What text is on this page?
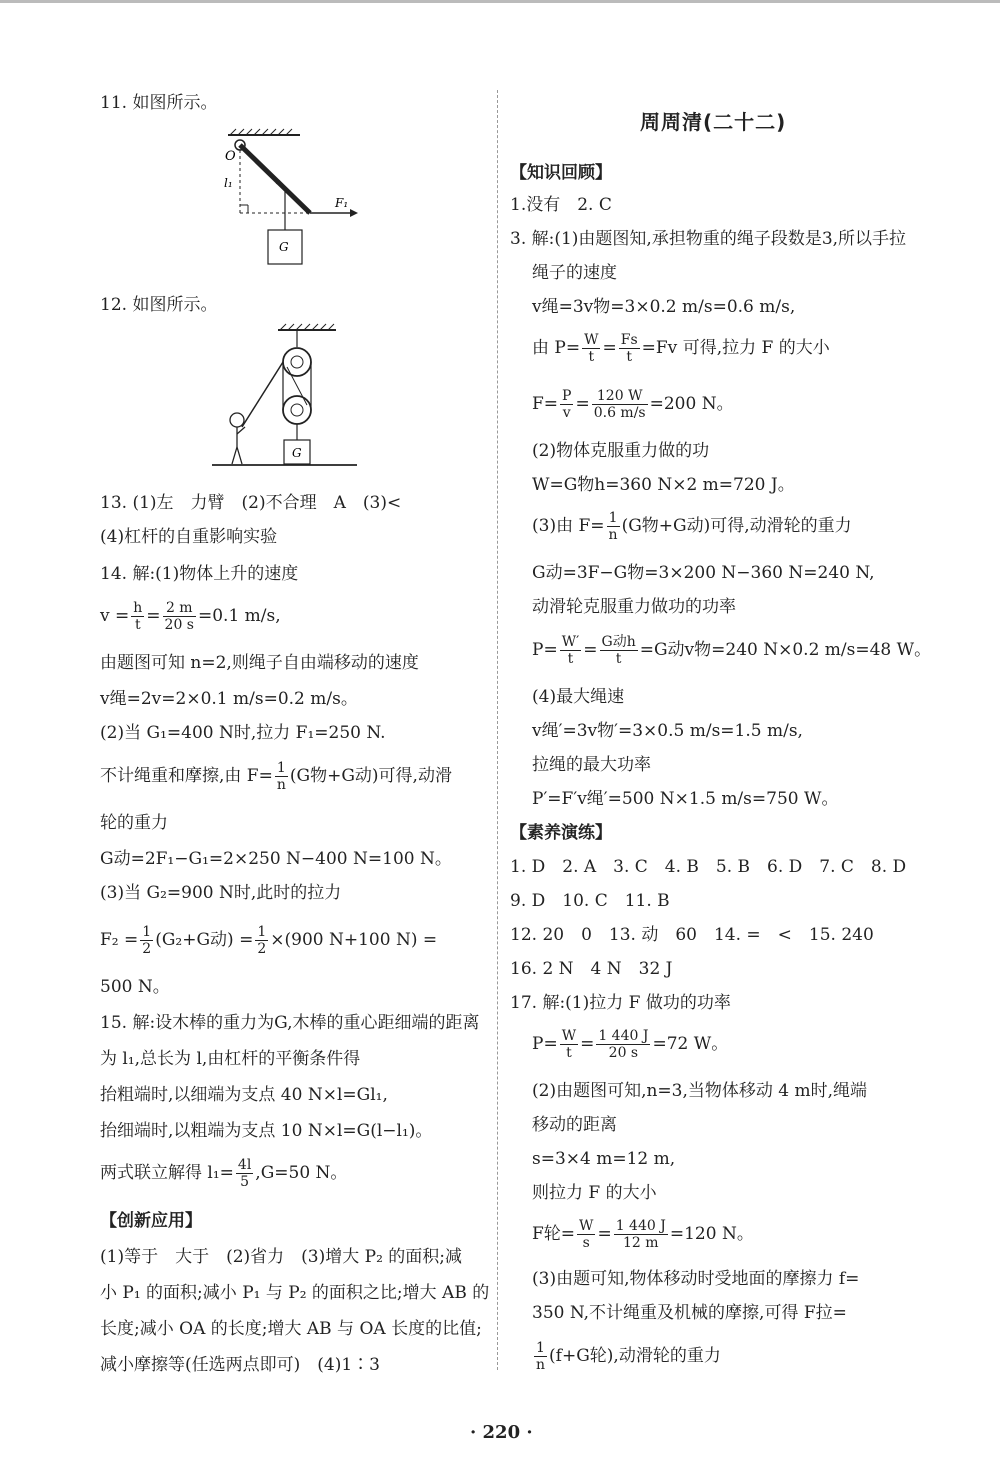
11. 如图所示。
O
l₁
F₁
G
12. 如图所示。
G
13. (1)左　力臂　(2)不合理　A　(3)<
(4)杠杆的自重影响实验
14. 解:(1)物体上升的速度
$v = \frac{h}{t} = \frac{2 m}{20 s} =0.1$ m/s,
由题图可知 n=2,则绳子自由端移动的速度
v绳=2v=2×0.1 m/s=0.2 m/s。
(2)当 G₁=400 N时,拉力 F₁=250 N.
不计绳重和摩擦,由 $F= \frac{1}{n} (G$物+G动)可得,动滑
轮的重力
G动=2F₁−G₁=2×250 N−400 N=100 N。
(3)当 G₂=900 N时,此时的拉力
$F_2 = \frac{1}{2} (G_2+G$动) = $\frac{1}{2} \times(900$ N+100 N) =
500 N。
15. 解:设木棒的重力为G,木棒的重心距细端的距离
为 l₁,总长为 l,由杠杆的平衡条件得
抬粗端时,以细端为支点 40 N×l=Gl₁,
抬细端时,以粗端为支点 10 N×l=G(l−l₁)。
两式联立解得 $l_1= \frac{4l}{5} ,G=50$ N。
【创新应用】
(1)等于　大于　(2)省力　(3)增大 P₂ 的面积;减
小 P₁ 的面积;减小 P₁ 与 P₂ 的面积之比;增大 AB 的
长度;减小 OA 的长度;增大 AB 与 OA 长度的比值;
减小摩擦等(任选两点即可)　(4)1∶3
周周清(二十二)
【知识回顾】
1.没有　2. C
3. 解:(1)由题图知,承担物重的绳子段数是3,所以手拉
绳子的速度
v绳=3v物=3×0.2 m/s=0.6 m/s,
由 $P= \frac{W}{t} = \frac{Fs}{t} =Fv$ 可得,拉力 F 的大小
$F= \frac{P}{v} = \frac{120 W}{0.6 m/s} =200$ N。
(2)物体克服重力做的功
W=G物h=360 N×2 m=720 J。
(3)由 $F= \frac{1}{n} (G$物+G动)可得,动滑轮的重力
G动=3F−G物=3×200 N−360 N=240 N,
动滑轮克服重力做功的功率
$P= \frac{W'}{t} = \frac{\text{G动h}}{t} =G$动v物=240 N×0.2 m/s=48 W。
(4)最大绳速
v绳′=3v物′=3×0.5 m/s=1.5 m/s,
拉绳的最大功率
P′=F′v绳′=500 N×1.5 m/s=750 W。
【素养演练】
1. D　2. A　3. C　4. B　5. B　6. D　7. C　8. D
9. D　10. C　11. B
12. 20　0　13. 动　60　14. =　<　15. 240
16. 2 N　4 N　32 J
17. 解:(1)拉力 F 做功的功率
$P= \frac{W}{t} = \frac{1 440 J}{20 s} =72$ W。
(2)由题图可知,n=3,当物体移动 4 m时,绳端
移动的距离
s=3×4 m=12 m,
则拉力 F 的大小
F轮= $\frac{W}{s} = \frac{1 440 J}{12 m} =120$ N。
(3)由题可知,物体移动时受地面的摩擦力 f=
350 N,不计绳重及机械的摩擦,可得 F拉=
$\frac{1}{n} (f+G$轮),动滑轮的重力
· 220 ·
